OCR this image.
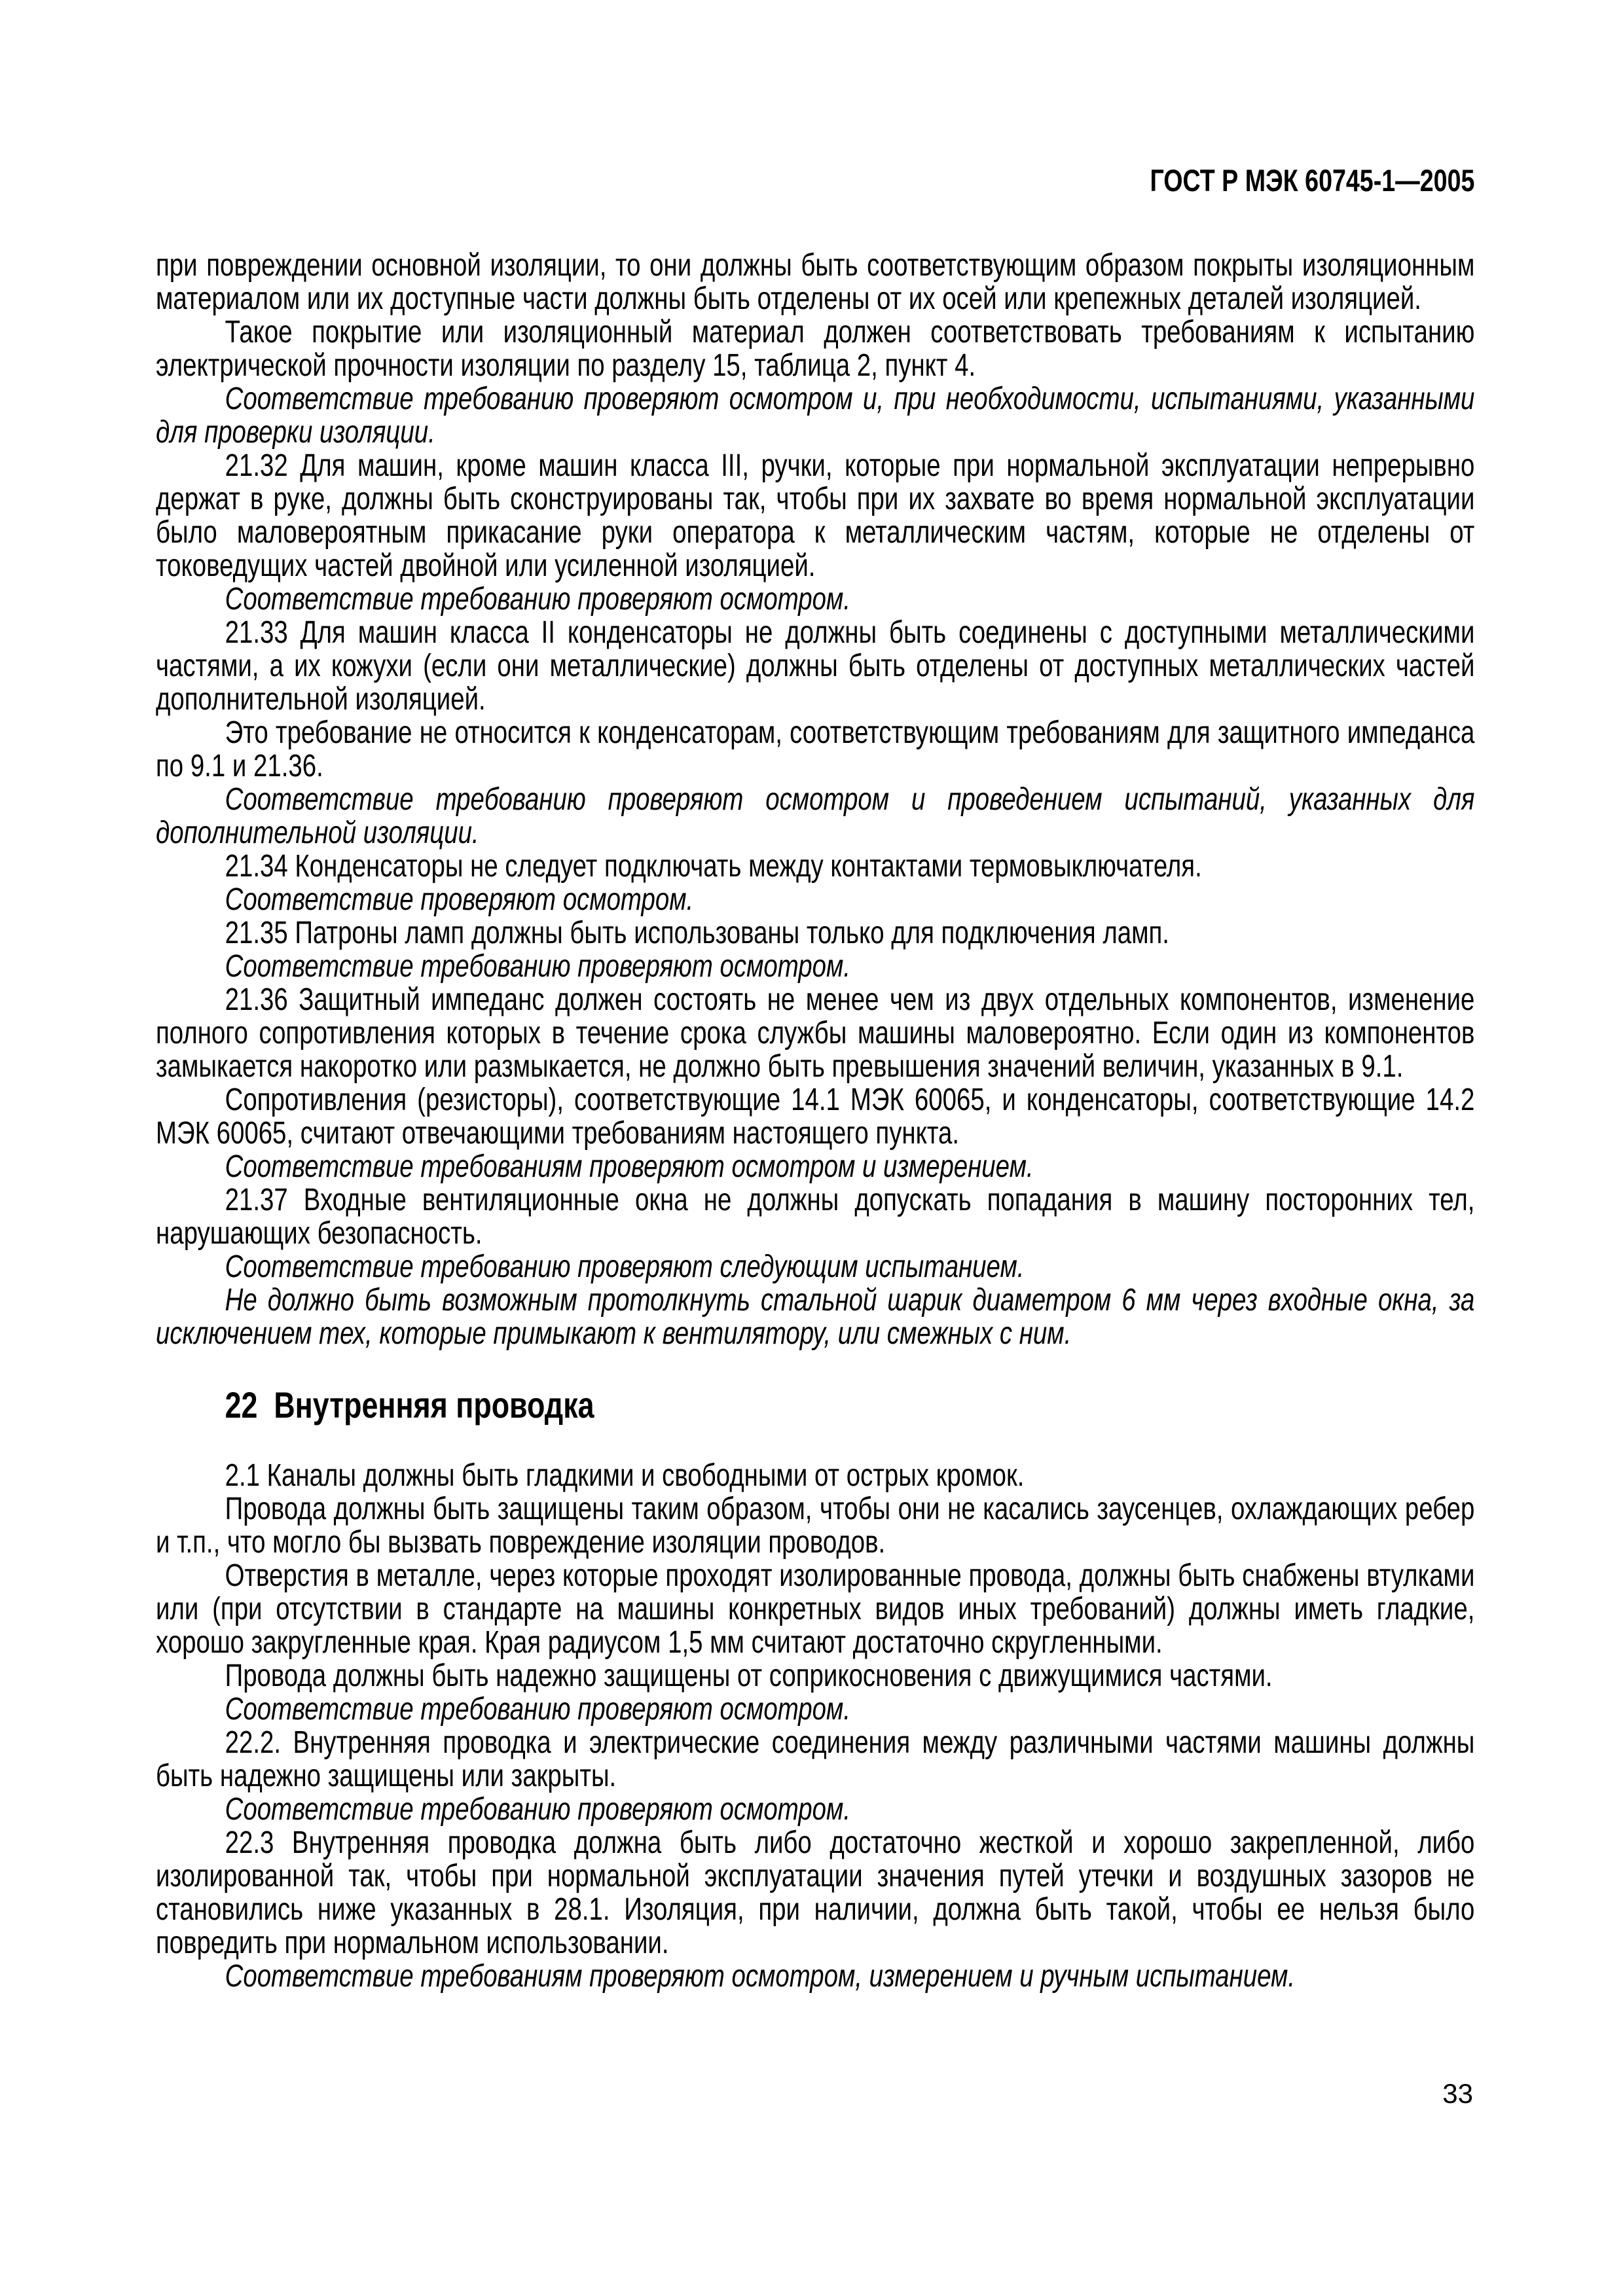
ГОСТ Р МЭК 60745-1—2005

при повреждении основной изоляции, то они должны быть соответствующим образом покрыты изоляционным материалом или их доступные части должны быть отделены от их осей или крепежных деталей изоляцией.

Такое покрытие или изоляционный материал должен соответствовать требованиям к испытанию электрической прочности изоляции по разделу 15, таблица 2, пункт 4.

Соответствие требованию проверяют осмотром и, при необходимости, испытаниями, указанными для проверки изоляции.

21.32 Для машин, кроме машин класса III, ручки, которые при нормальной эксплуатации непрерывно держат в руке, должны быть сконструированы так, чтобы при их захвате во время нормальной эксплуатации было маловероятным прикасание руки оператора к металлическим частям, которые не отделены от токоведущих частей двойной или усиленной изоляцией.

Соответствие требованию проверяют осмотром.

21.33 Для машин класса II конденсаторы не должны быть соединены с доступными металлическими частями, а их кожухи (если они металлические) должны быть отделены от доступных металлических частей дополнительной изоляцией.

Это требование не относится к конденсаторам, соответствующим требованиям для защитного импеданса по 9.1 и 21.36.

Соответствие требованию проверяют осмотром и проведением испытаний, указанных для дополнительной изоляции.

21.34 Конденсаторы не следует подключать между контактами термовыключателя.

Соответствие проверяют осмотром.

21.35 Патроны ламп должны быть использованы только для подключения ламп.

Соответствие требованию проверяют осмотром.

21.36 Защитный импеданс должен состоять не менее чем из двух отдельных компонентов, изменение полного сопротивления которых в течение срока службы машины маловероятно. Если один из компонентов замыкается накоротко или размыкается, не должно быть превышения значений величин, указанных в 9.1.

Сопротивления (резисторы), соответствующие 14.1 МЭК 60065, и конденсаторы, соответствующие 14.2 МЭК 60065, считают отвечающими требованиям настоящего пункта.

Соответствие требованиям проверяют осмотром и измерением.

21.37 Входные вентиляционные окна не должны допускать попадания в машину посторонних тел, нарушающих безопасность.

Соответствие требованию проверяют следующим испытанием.

Не должно быть возможным протолкнуть стальной шарик диаметром 6 мм через входные окна, за исключением тех, которые примыкают к вентилятору, или смежных с ним.

22  Внутренняя проводка

2.1 Каналы должны быть гладкими и свободными от острых кромок.

Провода должны быть защищены таким образом, чтобы они не касались заусенцев, охлаждающих ребер и т.п., что могло бы вызвать повреждение изоляции проводов.

Отверстия в металле, через которые проходят изолированные провода, должны быть снабжены втулками или (при отсутствии в стандарте на машины конкретных видов иных требований) должны иметь гладкие, хорошо закругленные края. Края радиусом 1,5 мм считают достаточно скругленными.

Провода должны быть надежно защищены от соприкосновения с движущимися частями.

Соответствие требованию проверяют осмотром.

22.2. Внутренняя проводка и электрические соединения между различными частями машины должны быть надежно защищены или закрыты.

Соответствие требованию проверяют осмотром.

22.3 Внутренняя проводка должна быть либо достаточно жесткой и хорошо закрепленной, либо изолированной так, чтобы при нормальной эксплуатации значения путей утечки и воздушных зазоров не становились ниже указанных в 28.1. Изоляция, при наличии, должна быть такой, чтобы ее нельзя было повредить при нормальном использовании.

Соответствие требованиям проверяют осмотром, измерением и ручным испытанием.

33
